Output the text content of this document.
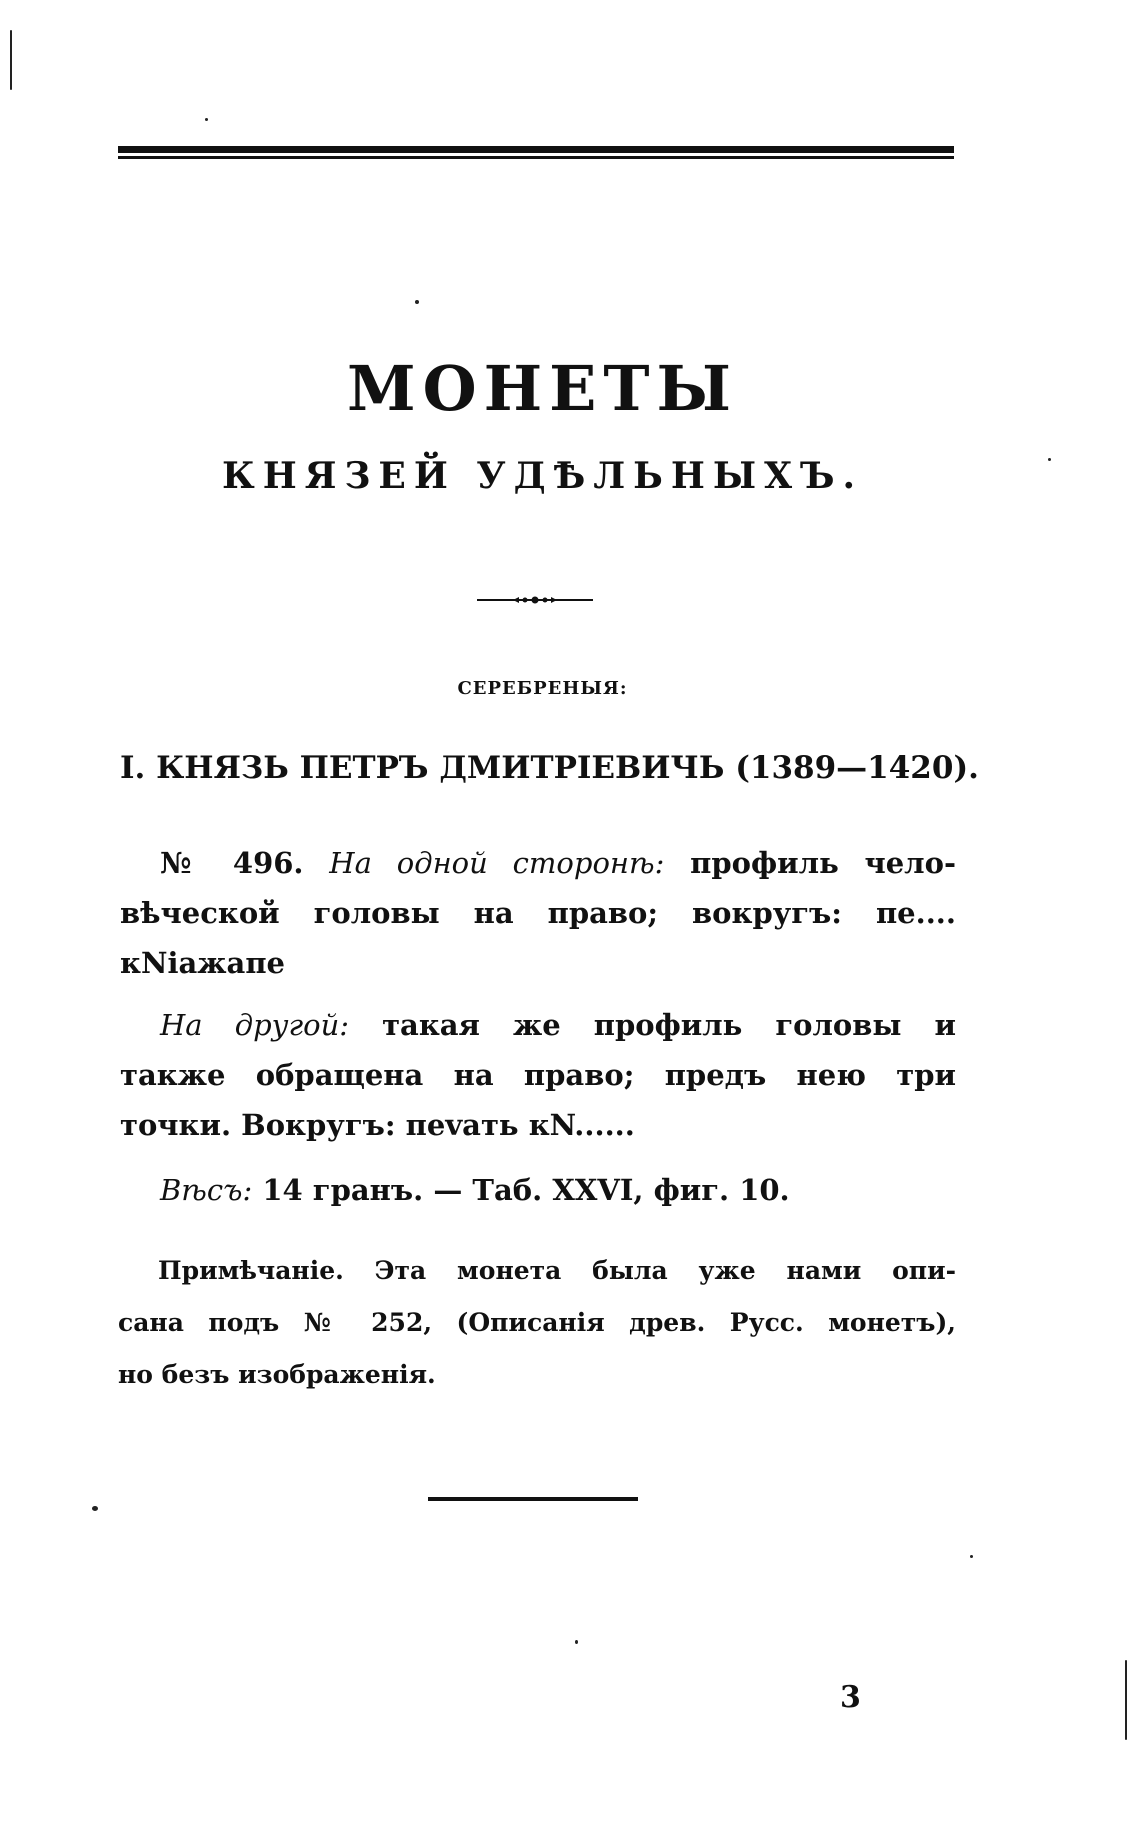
МОНЕТЫ
КНЯЗЕЙ УДѢЛЬНЫХЪ.
СЕРЕБРЕНЫЯ:
I. КНЯЗЬ ПЕТРЪ ДМИТРІЕВИЧЬ (1389—1420).
№ 496. На одной сторонѣ: профиль чело-
вѣческой головы на право; вокругъ: пе....
кNіажапе
На другой: такая же профиль головы и
также обращена на право; предъ нею три
точки. Вокругъ: пеvать кN......
Вѣсъ: 14 гранъ. — Таб. XXVI, фиг. 10.
Примѣчаніе. Эта монета была уже нами опи-
сана подъ № 252, (Описанія древ. Русс. монетъ),
но безъ изображенія.
3
